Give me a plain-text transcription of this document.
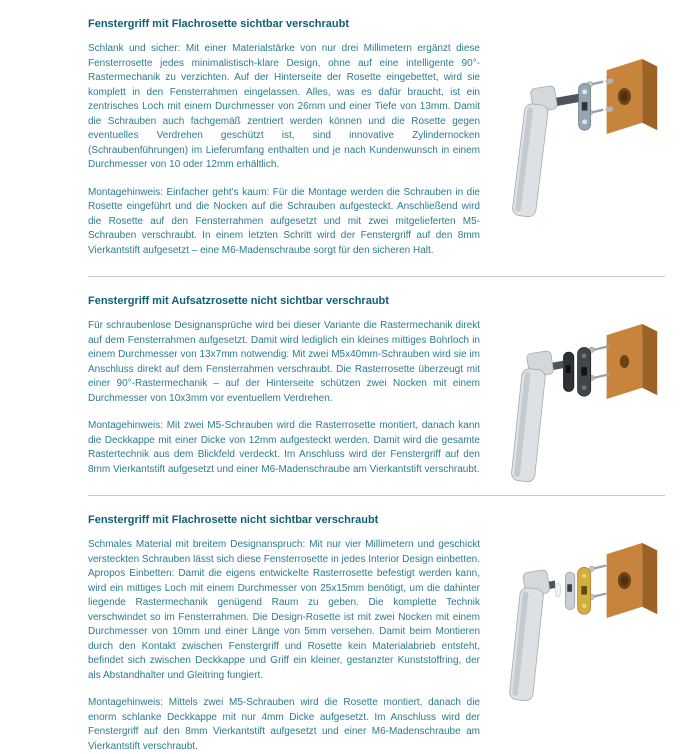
Fenstergriff mit Flachrosette sichtbar verschraubt

Schlank und sicher: Mit einer Materialstärke von nur drei Millimetern ergänzt diese Fensterrosette jedes minimalistisch-klare Design, ohne auf eine intelligente 90°-Rastermechanik zu verzichten. Auf der Hinterseite der Rosette eingebettet, wird sie komplett in den Fensterrahmen eingelassen. Alles, was es dafür braucht, ist ein zentrisches Loch mit einem Durchmesser von 26mm und einer Tiefe von 13mm. Damit die Schrauben auch fachgemäß zentriert werden können und die Rosette gegen eventuelles Verdrehen geschützt ist, sind innovative Zylindernocken (Schraubenführungen) im Lieferumfang enthalten und je nach Kundenwunsch in einem Durchmesser von 10 oder 12mm erhältlich.

Montagehinweis: Einfacher geht's kaum: Für die Montage werden die Schrauben in die Rosette eingeführt und die Nocken auf die Schrauben aufgesteckt. Anschließend wird die Rosette auf den Fensterrahmen aufgesetzt und mit zwei mitgelieferten M5-Schrauben verschraubt. In einem letzten Schritt wird der Fenstergriff auf den 8mm Vierkantstift aufgesetzt – eine M6-Madenschraube sorgt für den sicheren Halt.

Fenstergriff mit Aufsatzrosette nicht sichtbar verschraubt

Für schraubenlose Designansprüche wird bei dieser Variante die Rastermechanik direkt auf dem Fensterrahmen aufgesetzt. Damit wird lediglich ein kleines mittiges Bohrloch in einem Durchmesser von 13x7mm notwendig: Mit zwei M5x40mm-Schrauben wird sie im Anschluss direkt auf dem Fensterrahmen verschraubt. Die Rasterrosette überzeugt mit einer 90°-Rastermechanik – auf der Hinterseite schützen zwei Nocken mit einem Durchmesser von 10x3mm vor eventuellem Verdrehen.

Montagehinweis: Mit zwei M5-Schrauben wird die Rasterrosette montiert, danach kann die Deckkappe mit einer Dicke von 12mm aufgesteckt werden. Damit wird die gesamte Rastertechnik aus dem Blickfeld verdeckt. Im Anschluss wird der Fenstergriff auf den 8mm Vierkantstift aufgesetzt und einer M6-Madenschraube am Vierkantstift verschraubt.

Fenstergriff mit Flachrosette nicht sichtbar verschraubt

Schmales Material mit breitem Designanspruch: Mit nur vier Millimetern und geschickt versteckten Schrauben lässt sich diese Fensterrosette in jedes Interior Design einbetten. Apropos Einbetten: Damit die eigens entwickelte Rasterrosette befestigt werden kann, wird ein mittiges Loch mit einem Durchmesser von 25x15mm benötigt, um die dahinter liegende Rastermechanik genügend Raum zu geben. Die komplette Technik verschwindet so im Fensterrahmen. Die Design-Rosette ist mit zwei Nocken mit einem Durchmesser von 10mm und einer Länge von 5mm versehen. Damit beim Montieren durch den Kontakt zwischen Fenstergriff und Rosette kein Materialabrieb entsteht, befindet sich zwischen Deckkappe und Griff ein kleiner, gestanzter Kunststoffring, der als Abstandhalter und Gleitring fungiert.

Montagehinweis: Mittels zwei M5-Schrauben wird die Rosette montiert, danach die enorm schlanke Deckkappe mit nur 4mm Dicke aufgesetzt. Im Anschluss wird der Fenstergriff auf den 8mm Vierkantstift aufgesetzt und einer M6-Madenschraube am Vierkantstift verschraubt.
